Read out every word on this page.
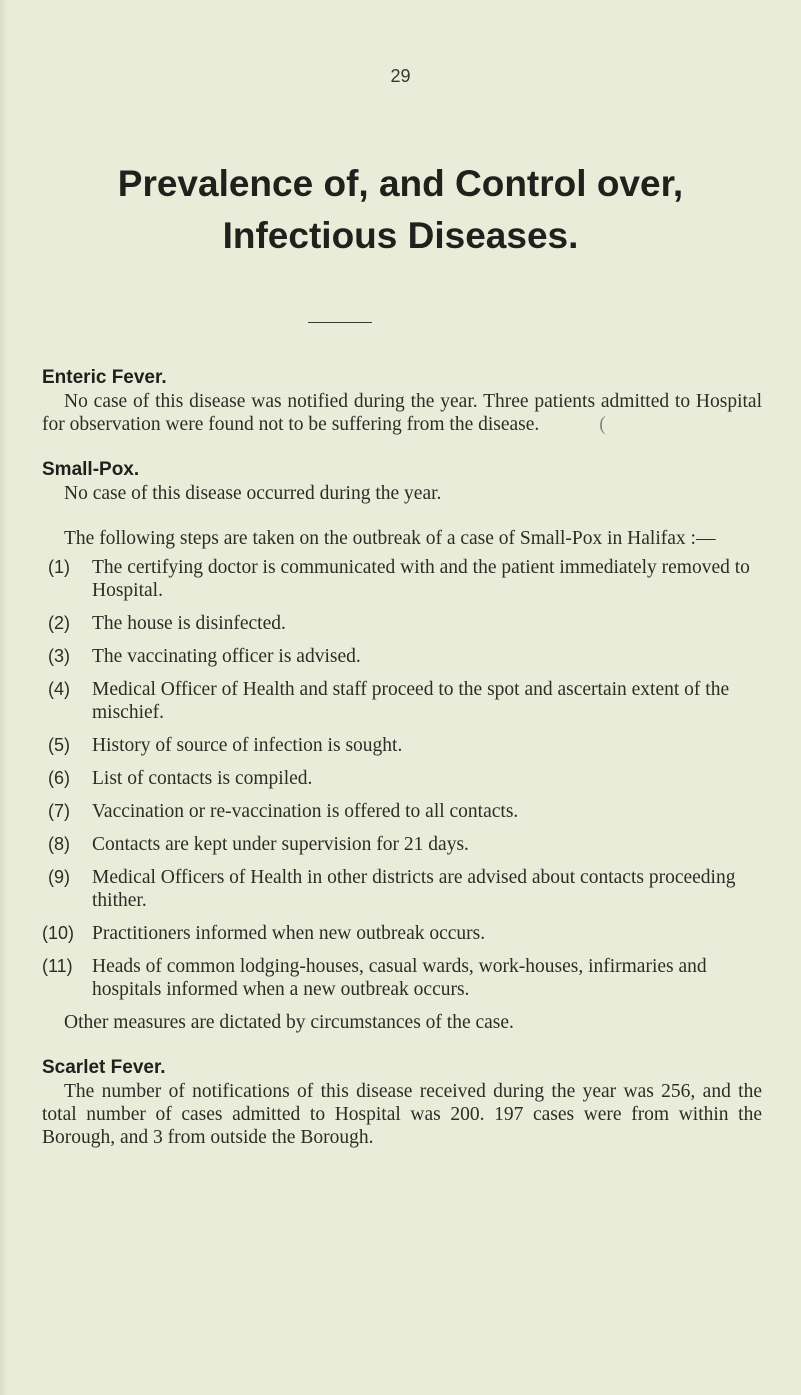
29
Prevalence of, and Control over,
Infectious Diseases.
Enteric Fever.

No case of this disease was notified during the year. Three patients admitted to Hospital for observation were found not to be suffering from the disease.	(

Small-Pox.

No case of this disease occurred during the year.

The following steps are taken on the outbreak of a case of Small-Pox in Halifax :—

(1)	The certifying doctor is communicated with and the patient immediately removed to Hospital.
(2)	The house is disinfected.
(3)	The vaccinating officer is advised.
(4)	Medical Officer of Health and staff proceed to the spot and ascertain extent of the mischief.
(5)	History of source of infection is sought.
(6)	List of contacts is compiled.
(7)	Vaccination or re-vaccination is offered to all contacts.
(8)	Contacts are kept under supervision for 21 days.
(9)	Medical Officers of Health in other districts are advised about contacts proceeding thither.
(10) Practitioners informed when new outbreak occurs.
(11) Heads of common lodging-houses, casual wards, work-houses, infirmaries and hospitals informed when a new outbreak occurs.

Other measures are dictated by circumstances of the case.

Scarlet Fever.

The number of notifications of this disease received during the year was 256, and the total number of cases admitted to Hospital was 200. 197 cases were from within the Borough, and 3 from outside the Borough.
